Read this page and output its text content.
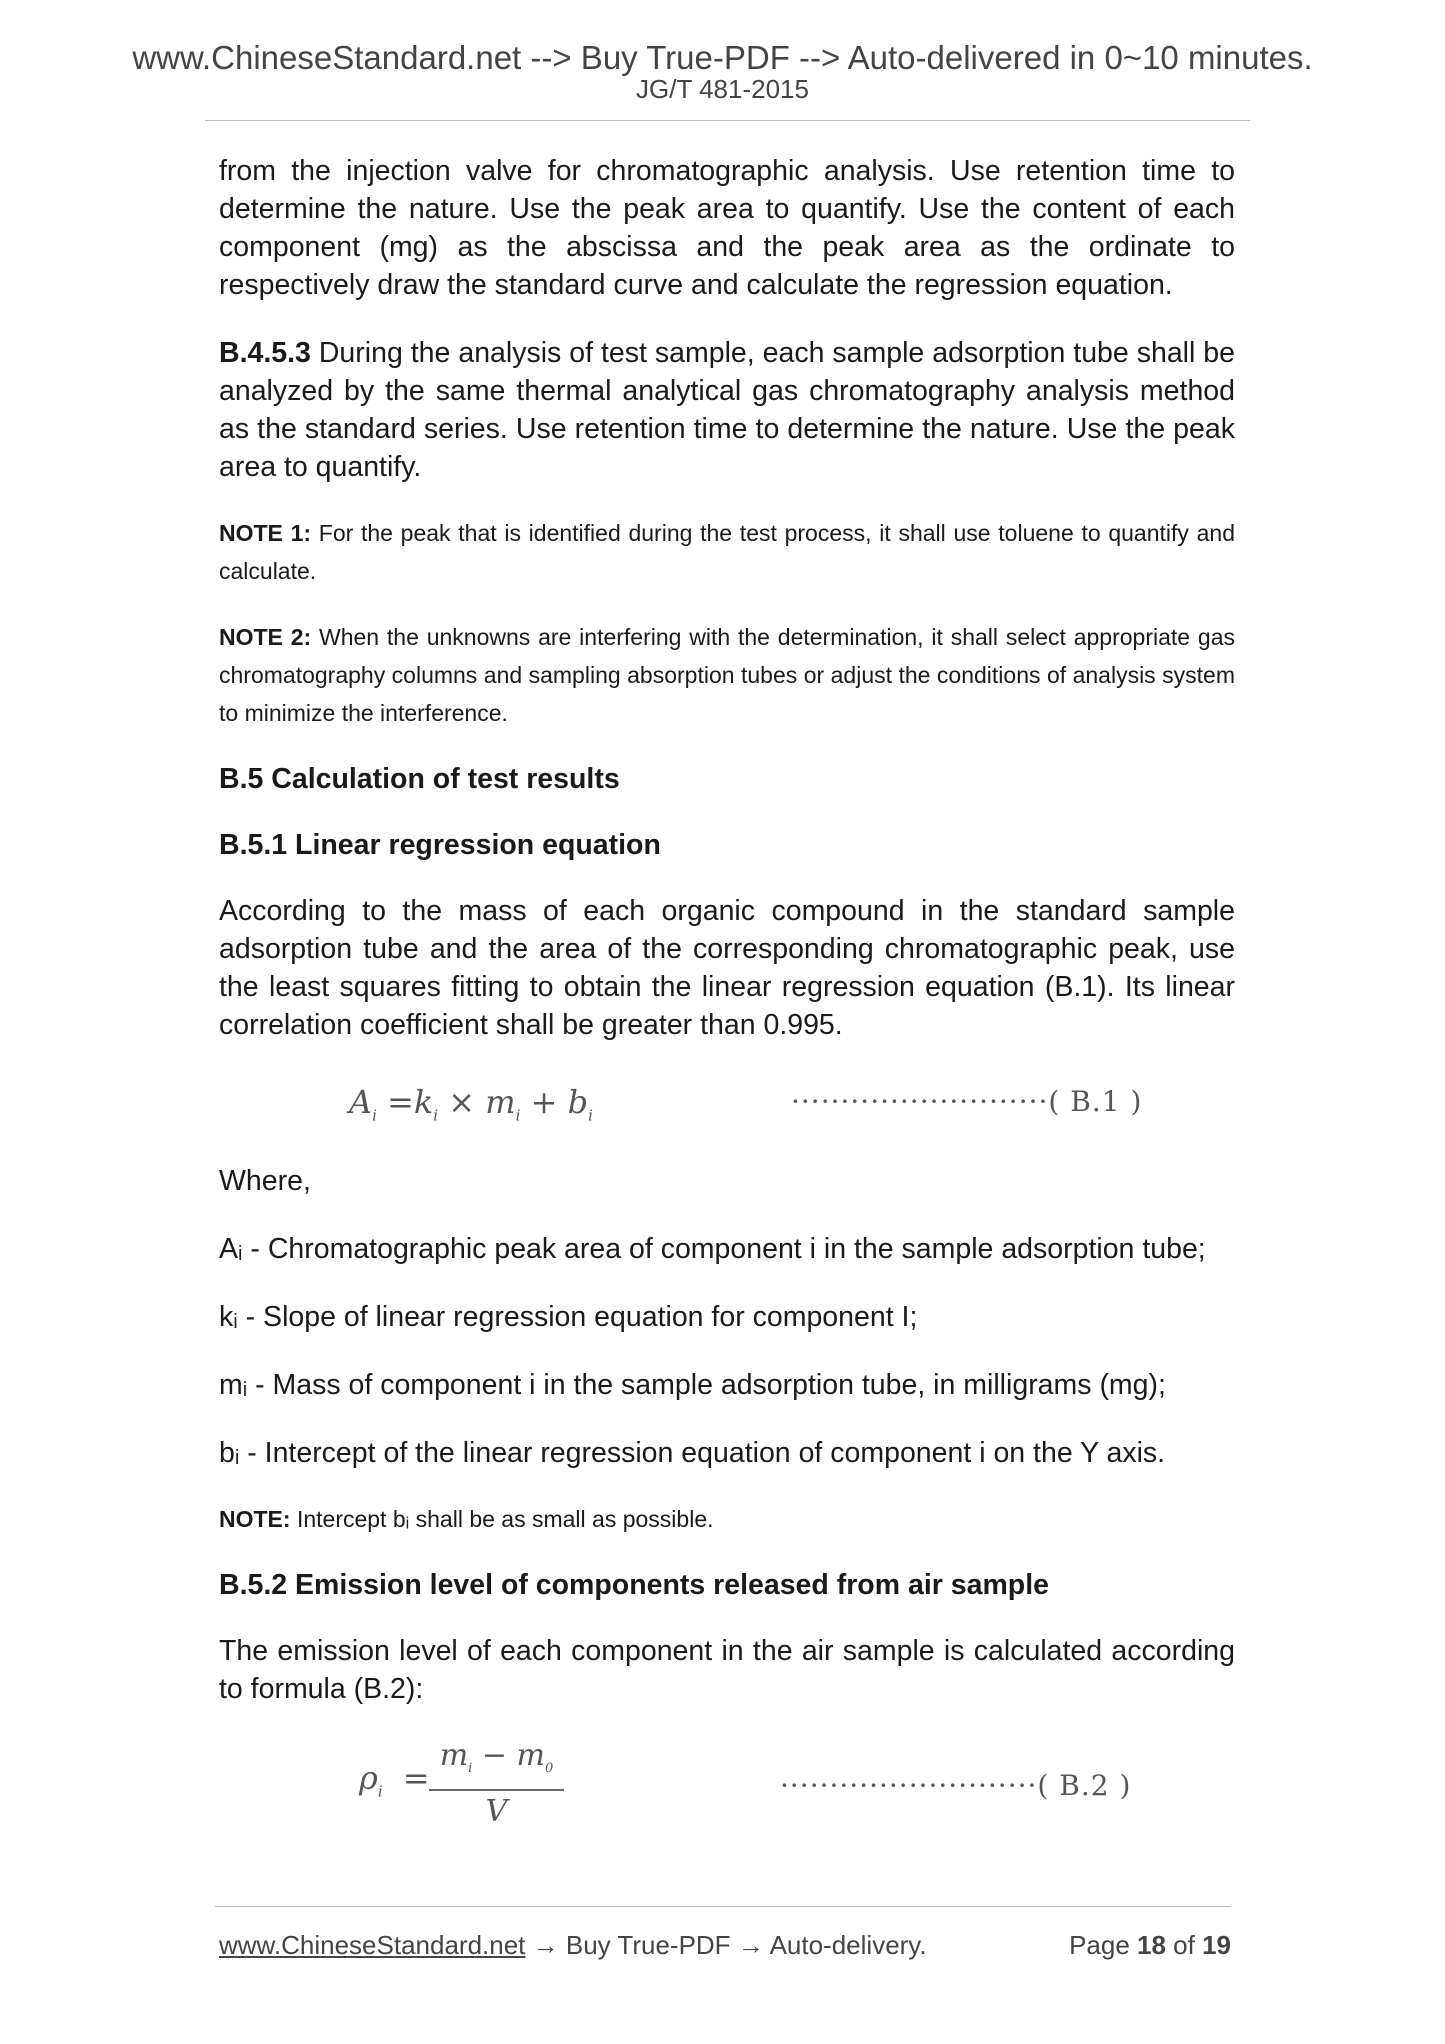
www.ChineseStandard.net --> Buy True-PDF --> Auto-delivered in 0~10 minutes.
JG/T 481-2015

from the injection valve for chromatographic analysis. Use retention time to determine the nature. Use the peak area to quantify. Use the content of each component (mg) as the abscissa and the peak area as the ordinate to respectively draw the standard curve and calculate the regression equation.

B.4.5.3 During the analysis of test sample, each sample adsorption tube shall be analyzed by the same thermal analytical gas chromatography analysis method as the standard series. Use retention time to determine the nature. Use the peak area to quantify.

NOTE 1: For the peak that is identified during the test process, it shall use toluene to quantify and calculate.

NOTE 2: When the unknowns are interfering with the determination, it shall select appropriate gas chromatography columns and sampling absorption tubes or adjust the conditions of analysis system to minimize the interference.

B.5 Calculation of test results

B.5.1 Linear regression equation

According to the mass of each organic compound in the standard sample adsorption tube and the area of the corresponding chromatographic peak, use the least squares fitting to obtain the linear regression equation (B.1). Its linear correlation coefficient shall be greater than 0.995.

$A_i =k_i \times m_i + b_i$	··························( B.1 )

Where,

Aᵢ - Chromatographic peak area of component i in the sample adsorption tube;

kᵢ - Slope of linear regression equation for component I;

mᵢ - Mass of component i in the sample adsorption tube, in milligrams (mg);

bᵢ - Intercept of the linear regression equation of component i on the Y axis.

NOTE: Intercept bᵢ shall be as small as possible.

B.5.2 Emission level of components released from air sample

The emission level of each component in the air sample is calculated according to formula (B.2):

$\rho_i = \frac{m_i - m_0}{V}$	··························( B.2 )
www.ChineseStandard.net → Buy True-PDF → Auto-delivery.	Page 18 of 19
